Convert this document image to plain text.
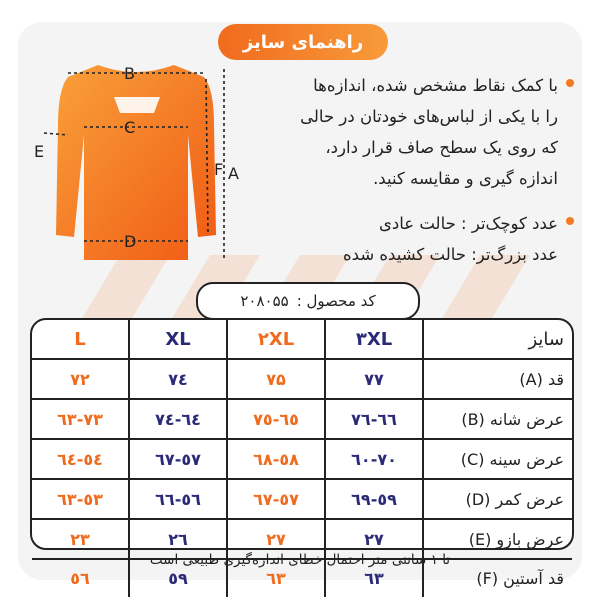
راهنمای سایز
B
C
D
F A
E

با کمک نقاط مشخص شده، اندازه‌ها

را با یکی از لباس‌های خودتان در حالی

که روی یک سطح صاف قرار دارد،

اندازه گیری و مقایسه کنید.

عدد کوچک‌تر : حالت عادی

عدد بزرگ‌تر: حالت کشیده شده

کد محصول :
۲۰۸۰۵۵
سایز
۳XL
۲XL
XL
L
قد (A)
۷۷
۷۵
۷٤
۷۲
عرض شانه (B)
٦٦-۷٦
٦٥-۷٥
٦٤-۷٤
٦۳-۷۳
عرض سینه (C)
٦۰-۷۰
٥۸-٦۸
٥۷-٦۷
٥٤-٦٤
عرض کمر (D)
٥۹-٦۹
٥۷-٦۷
٥٦-٦٦
٥۳-٦۳
عرض بازو (E)
۲۷
۲۷
۲٦
۲۳
قد آستین (F)
٦۳
٦۳
٥۹
٥٦
تا ۱ سانتی متر احتمال خطای اندازه‌گیری طبیعی است
